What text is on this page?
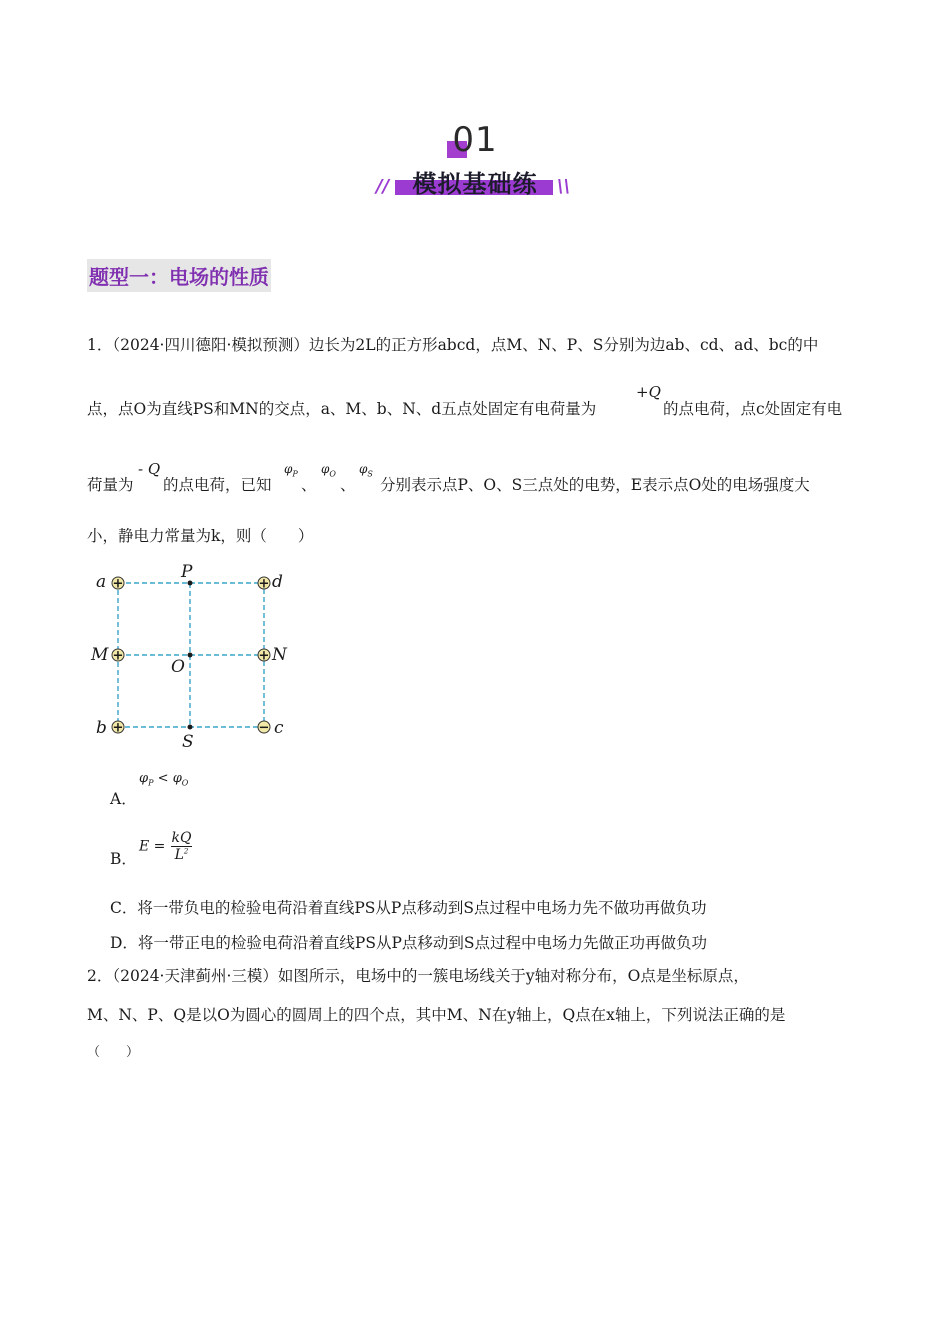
01
模拟基础练
//	\\
题型一：电场的性质
1．（2024·四川德阳·模拟预测）边长为2L的正方形abcd，点M、N、P、S分别为边ab、cd、ad、bc的中
点，点O为直线PS和MN的交点，a、M、b、N、d五点处固定有电荷量为
+Q
的点电荷，点c处固定有电
荷量为
- Q
的点电荷，已知
$\varphi_P$
、
$\varphi_O$
、
$\varphi_S$
分别表示点P、O、S三点处的电势，E表示点O处的电场强度大
小，静电力常量为k，则（　　）
+	+
+	+
+	−
a	P	d
M
O
N
b
S
c
A．
$\varphi_P < \varphi_O$
B．
$E = \frac{kQ}{L^2}$
C．将一带负电的检验电荷沿着直线PS从P点移动到S点过程中电场力先不做功再做负功
D．将一带正电的检验电荷沿着直线PS从P点移动到S点过程中电场力先做正功再做负功
2．（2024·天津蓟州·三模）如图所示，电场中的一簇电场线关于y轴对称分布，O点是坐标原点，
M、N、P、Q是以O为圆心的圆周上的四个点，其中M、N在y轴上，Q点在x轴上，下列说法正确的是
（　　）
